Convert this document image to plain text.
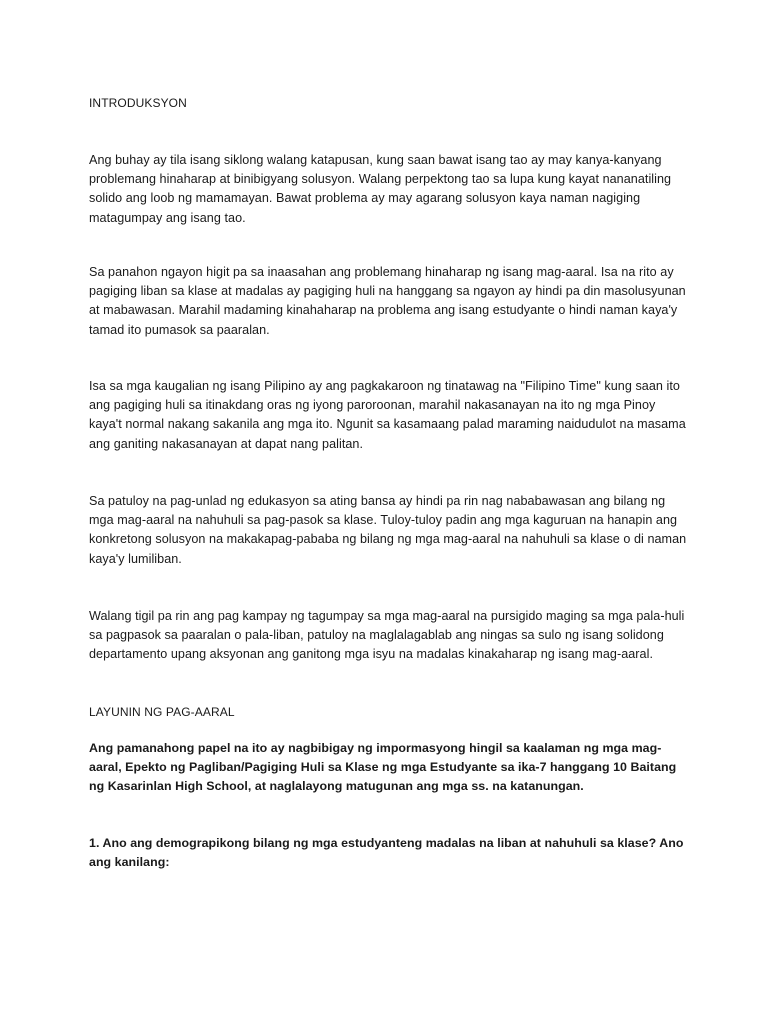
INTRODUKSYON

Ang buhay ay tila isang siklong walang katapusan, kung saan bawat isang tao ay may kanya-kanyang problemang hinaharap at binibigyang solusyon. Walang perpektong tao sa lupa kung kayat nananatiling solido ang loob ng mamamayan. Bawat problema ay may agarang solusyon kaya naman nagiging matagumpay ang isang tao.

Sa panahon ngayon higit pa sa inaasahan ang problemang hinaharap ng isang mag-aaral. Isa na rito ay pagiging liban sa klase at madalas ay pagiging huli na hanggang sa ngayon ay hindi pa din masolusyunan at mabawasan. Marahil madaming kinahaharap na problema ang isang estudyante o hindi naman kaya'y tamad ito pumasok sa paaralan.

Isa sa mga kaugalian ng isang Pilipino ay ang pagkakaroon ng tinatawag na "Filipino Time" kung saan ito ang pagiging huli sa itinakdang oras ng iyong paroroonan, marahil nakasanayan na ito ng mga Pinoy kaya't normal nakang sakanila ang mga ito. Ngunit sa kasamaang palad maraming naidudulot na masama ang ganiting nakasanayan at dapat nang palitan.

Sa patuloy na pag-unlad ng edukasyon sa ating bansa ay hindi pa rin nag nababawasan ang bilang ng mga mag-aaral na nahuhuli sa pag-pasok sa klase. Tuloy-tuloy padin ang mga kaguruan na hanapin ang konkretong solusyon na makakapag-pababa ng bilang ng mga mag-aaral na nahuhuli sa klase o di naman kaya'y lumiliban.

Walang tigil pa rin ang pag kampay ng tagumpay sa mga mag-aaral na pursigido maging sa mga pala-huli sa pagpasok sa paaralan o pala-liban, patuloy na maglalagablab ang ningas sa sulo ng isang solidong departamento upang aksyonan ang ganitong mga isyu na madalas kinakaharap ng isang mag-aaral.

LAYUNIN NG PAG-AARAL

Ang pamanahong papel na ito ay nagbibigay ng impormasyong hingil sa kaalaman ng mga mag-aaral, Epekto ng Pagliban/Pagiging Huli sa Klase ng mga Estudyante sa ika-7 hanggang 10 Baitang ng Kasarinlan High School, at naglalayong matugunan ang mga ss. na katanungan.

1. Ano ang demograpikong bilang ng mga estudyanteng madalas na liban at nahuhuli sa klase? Ano ang kanilang:
